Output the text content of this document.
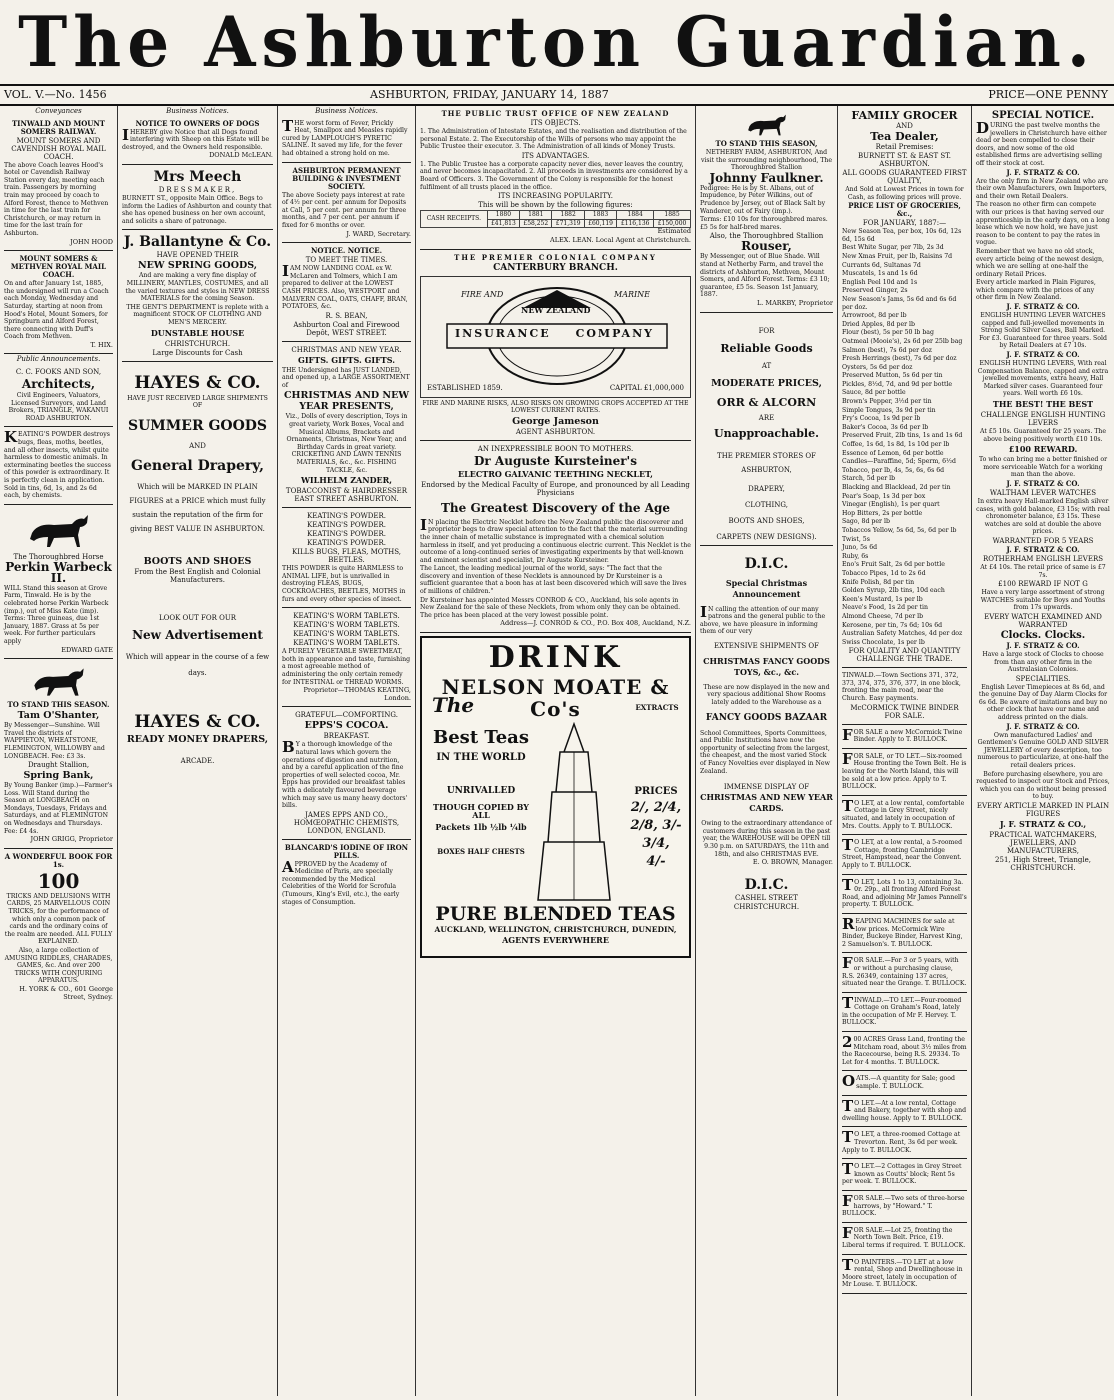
The Ashburton Guardian.
VOL. V.—No. 1456	ASHBURTON, FRIDAY, JANUARY 14, 1887	PRICE—ONE PENNY
Conveyances

TINWALD AND MOUNT SOMERS RAILWAY.

MOUNT SOMERS AND CAVENDISH ROYAL MAIL COACH.

The above Coach leaves Hood's hotel or Cavendish Railway Station every day, meeting each train. Passengers by morning train may proceed by coach to Alford Forest, thence to Methven in time for the last train for Christchurch, or may return in time for the last train for Ashburton.

JOHN HOOD

MOUNT SOMERS & METHVEN ROYAL MAIL COACH.

On and after January 1st, 1885, the undersigned will run a Coach each Monday, Wednesday and Saturday, starting at noon from Hood's Hotel, Mount Somers, for Springburn and Alford Forest, there connecting with Duff's Coach from Methven.

T. HIX.

Public Announcements.

C. C. FOOKS AND SON,

Architects,

Civil Engineers, Valuators, Licensed Surveyors, and Land Brokers, TRIANGLE, WAKANUI ROAD ASHBURTON.

KEATING'S POWDER destroys bugs, fleas, moths, beetles, and all other insects, whilst quite harmless to domestic animals. In exterminating beetles the success of this powder is extraordinary. It is perfectly clean in application. Sold in tins, 6d, 1s, and 2s 6d each, by chemists.

The Thoroughbred Horse

Perkin Warbeck II.

WILL Stand this season at Grove Farm, Tinwald. He is by the celebrated horse Perkin Warbeck (imp.), out of Miss Kate (imp). Terms: Three guineas, due 1st January, 1887. Grass at 5s per week. For further particulars apply

EDWARD GATE

TO STAND THIS SEASON.

Tam O'Shanter,

By Messenger—Sunshine. Will Travel the districts of WAPPIETON, WHEATSTONE, FLEMINGTON, WILLOWBY and LONGBEACH. Fee: £3 3s.

Draught Stallion,

Spring Bank,

By Young Banker (imp.)—Farmer's Loss. Will Stand during the Season at LONGBEACH on Mondays, Tuesdays, Fridays and Saturdays, and at FLEMINGTON on Wednesdays and Thursdays. Fee: £4 4s.

JOHN GRIGG, Proprietor

A WONDERFUL BOOK FOR 1s.

100

TRICKS AND DELUSIONS WITH CARDS, 25 MARVELLOUS COIN TRICKS, for the performance of which only a common pack of cards and the ordinary coins of the realm are needed. ALL FULLY EXPLAINED.

Also, a large collection of AMUSING RIDDLES, CHARADES, GAMES, &c. And over 200 TRICKS WITH CONJURING APPARATUS.

H. YORK & CO., 601 George Street, Sydney.

Business Notices.

NOTICE TO OWNERS OF DOGS

IHEREBY give Notice that all Dogs found interfering with Sheep on this Estate will be destroyed, and the Owners held responsible.

DONALD McLEAN.

Mrs Meech

DRESSMAKER,

BURNETT ST., opposite Main Office. Begs to inform the Ladies of Ashburton and county that she has opened business on her own account, and solicits a share of patronage.

J. Ballantyne & Co.

HAVE OPENED THEIR

NEW SPRING GOODS,

And are making a very fine display of MILLINERY, MANTLES, COSTUMES, and all the varied textures and styles in NEW DRESS MATERIALS for the coming Season.

THE GENT'S DEPARTMENT is replete with a magnificent STOCK OF CLOTHING AND MEN'S MERCERY.

DUNSTABLE HOUSE

CHRISTCHURCH.

Large Discounts for Cash

HAYES & CO.

HAVE JUST RECEIVED LARGE SHIPMENTS OF

SUMMER GOODS

AND

General Drapery,

Which will be MARKED IN PLAIN FIGURES at a PRICE which must fully sustain the reputation of the firm for giving BEST VALUE IN ASHBURTON.

BOOTS AND SHOES

From the Best English and Colonial Manufacturers.

LOOK OUT FOR OUR

New Advertisement

Which will appear in the course of a few days.

HAYES & CO.

READY MONEY DRAPERS,

ARCADE.

Business Notices.

THE worst form of Fever, Prickly Heat, Smallpox and Measles rapidly cured by LAMPLOUGH'S PYRETIC SALINE. It saved my life, for the fever had obtained a strong hold on me.

ASHBURTON PERMANENT BUILDING & INVESTMENT SOCIETY.

The above Society pays interest at rate of 4½ per cent. per annum for Deposits at Call, 5 per cent. per annum for three months, and 7 per cent. per annum if fixed for 6 months or over.

J. WARD, Secretary.

NOTICE. NOTICE.

TO MEET THE TIMES.

IAM NOW LANDING COAL ex W. McLaren and Tolmers, which I am prepared to deliver at the LOWEST CASH PRICES. Also, WESTPORT and MALVERN COAL, OATS, CHAFF, BRAN, POTATOES, &c.

R. S. BEAN,

Ashburton Coal and Firewood Depôt, WEST STREET.

CHRISTMAS AND NEW YEAR.

GIFTS. GIFTS. GIFTS.

THE Undersigned has JUST LANDED, and opened up, a LARGE ASSORTMENT of

CHRISTMAS AND NEW YEAR PRESENTS,

Viz., Dolls of every description, Toys in great variety, Work Boxes, Vocal and Musical Albums, Brackets and Ornaments, Christmas, New Year, and Birthday Cards in great variety. CRICKETING AND LAWN TENNIS MATERIALS, &c., &c. FISHING TACKLE, &c.

WILHELM ZANDER,

TOBACCONIST & HAIRDRESSER EAST STREET ASHBURTON.

KEATING'S POWDER.

KEATING'S POWDER.

KEATING'S POWDER.

KEATING'S POWDER.

KILLS BUGS, FLEAS, MOTHS, BEETLES.

THIS POWDER is quite HARMLESS to ANIMAL LIFE, but is unrivalled in destroying FLEAS, BUGS, COCKROACHES, BEETLES, MOTHS in furs and every other species of insect.

KEATING'S WORM TABLETS.

KEATING'S WORM TABLETS.

KEATING'S WORM TABLETS.

KEATING'S WORM TABLETS.

A PURELY VEGETABLE SWEETMEAT, both in appearance and taste, furnishing a most agreeable method of administering the only certain remedy for INTESTINAL or THREAD WORMS.

Proprietor—THOMAS KEATING, London.

GRATEFUL—COMFORTING.

EPPS'S COCOA.

BREAKFAST.

BY a thorough knowledge of the natural laws which govern the operations of digestion and nutrition, and by a careful application of the fine properties of well selected cocoa, Mr. Epps has provided our breakfast tables with a delicately flavoured beverage which may save us many heavy doctors' bills.

JAMES EPPS AND CO., HOMŒOPATHIC CHEMISTS, LONDON, ENGLAND.

BLANCARD'S IODINE OF IRON PILLS.

APPROVED by the Academy of Medicine of Paris, are specially recommended by the Medical Celebrities of the World for Scrofula (Tumours, King's Evil, etc.), the early stages of Consumption.

THE PUBLIC TRUST OFFICE OF NEW ZEALAND

ITS OBJECTS.

1. The Administration of Intestate Estates, and the realisation and distribution of the personal Estate. 2. The Executorship of the Wills of persons who may appoint the Public Trustee their executor. 3. The Administration of all kinds of Money Trusts.

ITS ADVANTAGES.

1. The Public Trustee has a corporate capacity never dies, never leaves the country, and never becomes incapacitated. 2. All proceeds in investments are considered by a Board of Officers. 3. The Government of the Colony is responsible for the honest fulfilment of all trusts placed in the office.

ITS INCREASING POPULARITY.

This will be shown by the following figures:

CASH RECEIPTS.	1880	1881	1882	1883	1884	1885
	£41,813	£58,252	£71,319	£60,119	£116,136	£150,000

Estimated

ALEX. LEAN. Local Agent at Christchurch.

THE PREMIER COLONIAL COMPANY

CANTERBURY BRANCH.

FIRE AND	MARINE
NEW ZEALAND
INSURANCE COMPANY
ESTABLISHED 1859.	CAPITAL £1,000,000

FIRE AND MARINE RISKS, ALSO RISKS ON GROWING CROPS ACCEPTED AT THE LOWEST CURRENT RATES.

George Jameson

AGENT ASHBURTON.

AN INEXPRESSIBLE BOON TO MOTHERS.

Dr Auguste Kursteiner's

ELECTRO GALVANIC TEETHING NECKLET,

Endorsed by the Medical Faculty of Europe, and pronounced by all Leading Physicians

The Greatest Discovery of the Age

IN placing the Electric Necklet before the New Zealand public the discoverer and proprietor begs to draw special attention to the fact that the material surrounding the inner chain of metallic substance is impregnated with a chemical solution harmless in itself, and yet producing a continuous electric current. This Necklet is the outcome of a long-continued series of investigating experiments by that well-known and eminent scientist and specialist, Dr Auguste Kursteiner.

The Lancet, the leading medical journal of the world, says: "The fact that the discovery and invention of these Necklets is announced by Dr Kursteiner is a sufficient guarantee that a boon has at last been discovered which will save the lives of millions of children."

Dr Kursteiner has appointed Messrs CONROD & CO., Auckland, his sole agents in New Zealand for the sale of these Necklets, from whom only they can be obtained. The price has been placed at the very lowest possible point.

Address—J. CONROD & CO., P.O. Box 408, Auckland, N.Z.

DRINK
NELSON MOATE & Co's
The	EXTRACTS
Best Teas
IN THE WORLD
UNRIVALLED
THOUGH COPIED BY ALL
Packets 1lb ½lb ¼lb
BOXES HALF CHESTS
PRICES
2/, 2/4,
2/8, 3/-
3/4,
4/-
PURE BLENDED TEAS
AUCKLAND, WELLINGTON, CHRISTCHURCH, DUNEDIN,
AGENTS EVERYWHERE

TO STAND THIS SEASON,

NETHERBY FARM, ASHBURTON, And visit the surrounding neighbourhood, The Thoroughbred Stallion

Johnny Faulkner.

Pedigree: He is by St. Albans, out of Impudence, by Peter Wilkins, out of Prudence by Jersey, out of Black Salt by Wanderer, out of Fairy (imp.).

Terms: £10 10s for thoroughbred mares. £5 5s for half-bred mares.

Also, the Thoroughbred Stallion

Rouser,

By Messenger, out of Blue Shade. Will stand at Netherby Farm, and travel the districts of Ashburton, Methven, Mount Somers, and Alford Forest. Terms: £3 10; guarantee, £5 5s. Season 1st January, 1887.

L. MARKBY, Proprietor

FOR

Reliable Goods

AT

MODERATE PRICES,

ORR & ALCORN

ARE

Unapproachable.

THE PREMIER STORES OF ASHBURTON,

DRAPERY,

CLOTHING,

BOOTS AND SHOES,

CARPETS (NEW DESIGNS).

D.I.C.

Special Christmas Announcement

IN calling the attention of our many patrons and the general public to the above, we have pleasure in informing them of our very

EXTENSIVE SHIPMENTS OF

CHRISTMAS FANCY GOODS TOYS, &c., &c.

These are now displayed in the new and very spacious additional Show Rooms lately added to the Warehouse as a

FANCY GOODS BAZAAR

School Committees, Sports Committees, and Public Institutions have now the opportunity of selecting from the largest, the cheapest, and the most varied Stock of Fancy Novelties ever displayed in New Zealand.

IMMENSE DISPLAY OF

CHRISTMAS AND NEW YEAR CARDS.

Owing to the extraordinary attendance of customers during this season in the past year, the WAREHOUSE will be OPEN till 9.30 p.m. on SATURDAYS, the 11th and 18th, and also CHRISTMAS EVE.

E. O. BROWN, Manager.

D.I.C.

CASHEL STREET

CHRISTCHURCH.

FAMILY GROCER

AND

Tea Dealer,

Retail Premises:

BURNETT ST. & EAST ST. ASHBURTON.

ALL GOODS GUARANTEED FIRST QUALITY,

And Sold at Lowest Prices in town for Cash, as following prices will prove.

PRICE LIST OF GROCERIES, &c.,

FOR JANUARY, 1887:—

New Season Tea, per box, 10s 6d, 12s 6d, 15s 6d

Best White Sugar, per 7lb, 2s 3d

New Xmas Fruit, per lb, Raisins 7d

Currants 6d, Sultanas 7d

Muscatels, 1s and 1s 6d

English Peel 10d and 1s

Preserved Ginger, 2s

New Season's Jams, 5s 6d and 6s 6d per doz.

Arrowroot, 8d per lb

Dried Apples, 8d per lb

Flour (best), 5s per 50 lb bag

Oatmeal (Mooie's), 2s 6d per 25lb bag

Salmon (best), 7s 6d per doz

Fresh Herrings (best), 7s 6d per doz

Oysters, 5s 6d per doz

Preserved Mutton, 5s 6d per tin

Pickles, 8½d, 7d, and 9d per bottle

Sauce, 8d per bottle

Brown's Pepper, 3½d per tin

Simple Tongues, 3s 9d per tin

Fry's Cocoa, 1s 9d per lb

Baker's Cocoa, 3s 6d per lb

Preserved Fruit, 2lb tins, 1s and 1s 6d

Coffee, 1s 6d, 1s 8d, 1s 10d per lb

Essence of Lemon, 6d per bottle

Candles—Paraffine, 5d; Sperm, 6½d

Tobacco, per lb, 4s, 5s, 6s, 6s 6d

Starch, 5d per lb

Blacking and Blacklead, 2d per tin

Pear's Soap, 1s 3d per box

Vinegar (English), 1s per quart

Hop Bitters, 2s per bottle

Sago, 8d per lb

Tobaccos Yellow, 5s 6d, 5s, 6d per lb

Twist, 5s

Juno, 5s 6d

Ruby, 6s

Eno's Fruit Salt, 2s 6d per bottle

Tobacco Pipes, 1d to 2s 6d

Knife Polish, 8d per tin

Golden Syrup, 2lb tins, 10d each

Keen's Mustard, 1s per lb

Neave's Food, 1s 2d per tin

Almond Cheese, 7d per lb

Kerosene, per tin, 7s 6d; 10s 6d

Australian Safety Matches, 4d per doz

Swiss Chocolate, 1s per lb

FOR QUALITY AND QUANTITY CHALLENGE THE TRADE.

TINWALD.—Town Sections 371, 372, 373, 374, 375, 376, 377, in one block, fronting the main road, near the Church. Easy payments.

McCORMICK TWINE BINDER FOR SALE.

FOR SALE a new McCormick Twine Binder. Apply to T. BULLOCK.

FOR SALE, or TO LET.—Six-roomed House fronting the Town Belt. He is leaving for the North Island, this will be sold at a low price. Apply to T. BULLOCK.

TO LET, at a low rental, comfortable Cottage in Grey Street, nicely situated, and lately in occupation of Mrs. Coutts. Apply to T. BULLOCK.

TO LET, at a low rental, a 5-roomed Cottage, fronting Cambridge Street, Hampstead, near the Convent. Apply to T. BULLOCK.

TO LET, Lots 1 to 13, containing 3a. 0r. 29p., all fronting Alford Forest Road, and adjoining Mr James Pannell's property. T. BULLOCK.

REAPING MACHINES for sale at low prices. McCormick Wire Binder, Buckeye Binder, Harvest King, 2 Samuelson's. T. BULLOCK.

FOR SALE.—For 3 or 5 years, with or without a purchasing clause, R.S. 26349, containing 137 acres, situated near the Grange. T. BULLOCK.

TINWALD.—TO LET.—Four-roomed Cottage on Graham's Road, lately in the occupation of Mr F. Hervey. T. BULLOCK.

200 ACRES Grass Land, fronting the Mitcham road, about 3½ miles from the Racecourse, being R.S. 29334. To Let for 4 months. T. BULLOCK.

OATS.—A quantity for Sale; good sample. T. BULLOCK.

TO LET.—At a low rental, Cottage and Bakery, together with shop and dwelling house. Apply to T. BULLOCK.

TO LET, a three-roomed Cottage at Trevorton. Rent, 3s 6d per week. Apply to T. BULLOCK.

TO LET.—2 Cottages in Grey Street known as Coutts' block; Rent 5s per week. T. BULLOCK.

FOR SALE.—Two sets of three-horse harrows, by "Howard." T. BULLOCK.

FOR SALE.—Lot 25, fronting the North Town Belt. Price, £19. Liberal terms if required. T. BULLOCK.

TO PAINTERS.—TO LET at a low rental, Shop and Dwellinghouse in Moore street, lately in occupation of Mr Louse. T. BULLOCK.

SPECIAL NOTICE.

DURING the past twelve months the jewellers in Christchurch have either dead or been compelled to close their doors, and now some of the old established firms are advertising selling off their stock at cost.

J. F. STRATZ & CO.

Are the only firm in New Zealand who are their own Manufacturers, own Importers, and their own Retail Dealers.

The reason no other firm can compete with our prices is that having served our apprenticeship in the early days, on a long lease which we now hold, we have just reason to be content to pay the rates in vogue.

Remember that we have no old stock, every article being of the newest design, which we are selling at one-half the ordinary Retail Prices.

Every article marked in Plain Figures, which compare with the prices of any other firm in New Zealand.

J. F. STRATZ & CO.

ENGLISH HUNTING LEVER WATCHES capped and full-jewelled movements in Strong Solid Silver Cases, Ball Marked. For £3. Guaranteed for three years. Sold by Retail Dealers at £7 10s.

J. F. STRATZ & CO.

ENGLISH HUNTING LEVERS, With real Compensation Balance, capped and extra jewelled movements, extra heavy, Hall Marked silver cases. Guaranteed four years. Well worth £6 10s.

THE BEST! THE BEST

CHALLENGE ENGLISH HUNTING LEVERS

At £5 10s. Guaranteed for 25 years. The above being positively worth £10 10s.

£100 REWARD.

To who can bring me a better finished or more serviceable Watch for a working man than the above.

J. F. STRATZ & CO.

WALTHAM LEVER WATCHES

In extra heavy Hall-marked English silver cases, with gold balance, £3 15s; with real chronometer balance, £3 15s. These watches are sold at double the above prices.

WARRANTED FOR 5 YEARS

J. F. STRATZ & CO.

ROTHERHAM ENGLISH LEVERS

At £4 10s. The retail price of same is £7 7s.

£100 REWARD IF NOT G

Have a very large assortment of strong WATCHES suitable for Boys and Youths from 17s upwards.

EVERY WATCH EXAMINED AND WARRANTED

Clocks. Clocks.

J. F. STRATZ & CO.

Have a large stock of Clocks to choose from than any other firm in the Australasian Colonies.

SPECIALITIES.

English Lever Timepieces at 8s 6d, and the genuine Day of Day Alarm Clocks for 6s 6d. Be aware of imitations and buy no other clock that have our name and address printed on the dials.

J. F. STRATZ & CO.

Own manufactured Ladies' and Gentlemen's Genuine GOLD AND SILVER JEWELLERY of every description, too numerous to particularize, at one-half the retail dealers prices.

Before purchasing elsewhere, you are requested to inspect our Stock and Prices, which you can do without being pressed to buy.

EVERY ARTICLE MARKED IN PLAIN FIGURES

J. F. STRATZ & CO.,

PRACTICAL WATCHMAKERS, JEWELLERS, AND MANUFACTURERS,

251, High Street, Triangle, CHRISTCHURCH.
